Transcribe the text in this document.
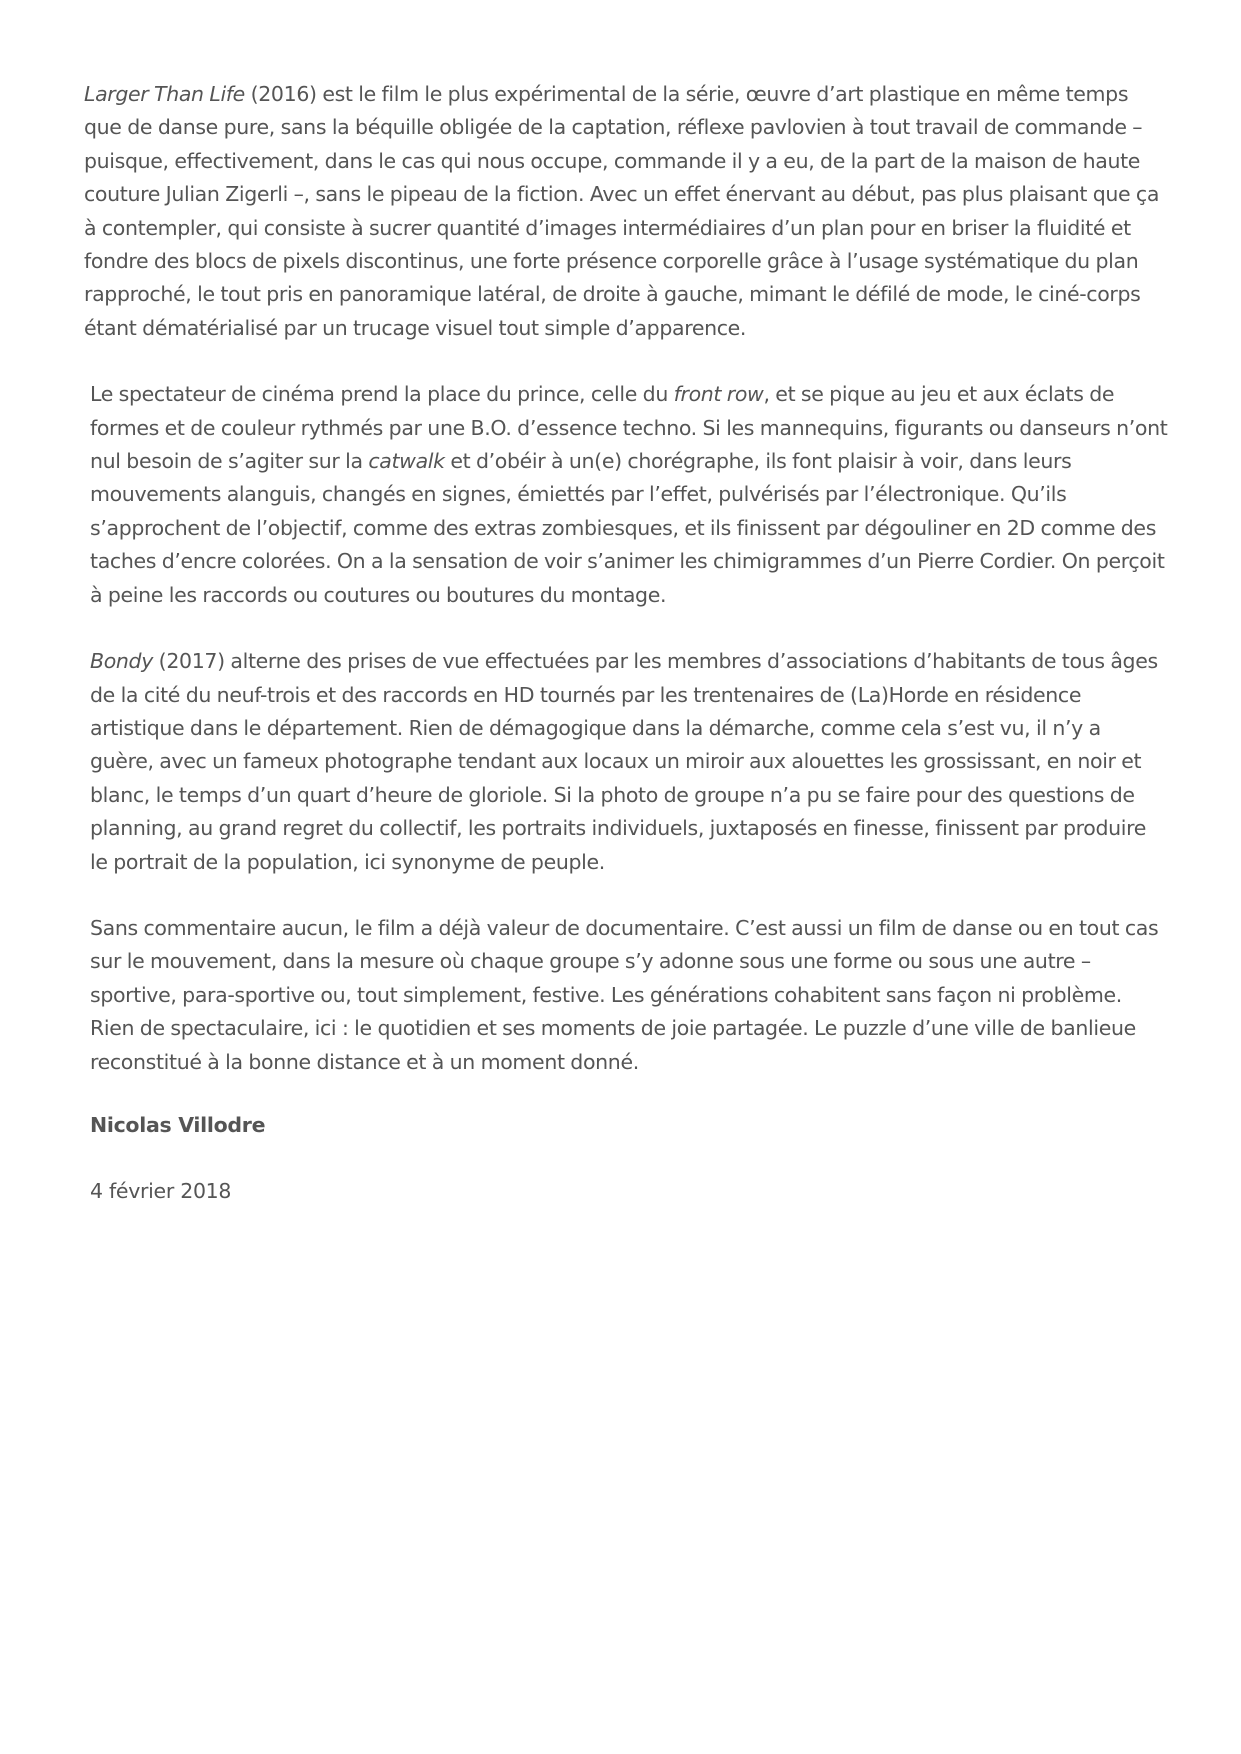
Larger Than Life (2016) est le film le plus expérimental de la série, œuvre d’art plastique en même temps que de danse pure, sans la béquille obligée de la captation, réflexe pavlovien à tout travail de commande – puisque, effectivement, dans le cas qui nous occupe, commande il y a eu, de la part de la maison de haute couture Julian Zigerli –, sans le pipeau de la fiction. Avec un effet énervant au début, pas plus plaisant que ça à contempler, qui consiste à sucrer quantité d’images intermédiaires d’un plan pour en briser la fluidité et fondre des blocs de pixels discontinus, une forte présence corporelle grâce à l’usage systématique du plan rapproché, le tout pris en panoramique latéral, de droite à gauche, mimant le défilé de mode, le ciné-corps étant dématérialisé par un trucage visuel tout simple d’apparence.

Le spectateur de cinéma prend la place du prince, celle du front row, et se pique au jeu et aux éclats de formes et de couleur rythmés par une B.O. d’essence techno. Si les mannequins, figurants ou danseurs n’ont nul besoin de s’agiter sur la catwalk et d’obéir à un(e) chorégraphe, ils font plaisir à voir, dans leurs mouvements alanguis, changés en signes, émiettés par l’effet, pulvérisés par l’électronique. Qu’ils s’approchent de l’objectif, comme des extras zombiesques, et ils finissent par dégouliner en 2D comme des taches d’encre colorées. On a la sensation de voir s’animer les chimigrammes d’un Pierre Cordier. On perçoit à peine les raccords ou coutures ou boutures du montage.

Bondy (2017) alterne des prises de vue effectuées par les membres d’associations d’habitants de tous âges de la cité du neuf-trois et des raccords en HD tournés par les trentenaires de (La)Horde en résidence artistique dans le département. Rien de démagogique dans la démarche, comme cela s’est vu, il n’y a guère, avec un fameux photographe tendant aux locaux un miroir aux alouettes les grossissant, en noir et blanc, le temps d’un quart d’heure de gloriole. Si la photo de groupe n’a pu se faire pour des questions de planning, au grand regret du collectif, les portraits individuels, juxtaposés en finesse, finissent par produire le portrait de la population, ici synonyme de peuple.

Sans commentaire aucun, le film a déjà valeur de documentaire. C’est aussi un film de danse ou en tout cas sur le mouvement, dans la mesure où chaque groupe s’y adonne sous une forme ou sous une autre – sportive, para-sportive ou, tout simplement, festive. Les générations cohabitent sans façon ni problème. Rien de spectaculaire, ici : le quotidien et ses moments de joie partagée. Le puzzle d’une ville de banlieue reconstitué à la bonne distance et à un moment donné.

Nicolas Villodre
4 février 2018
